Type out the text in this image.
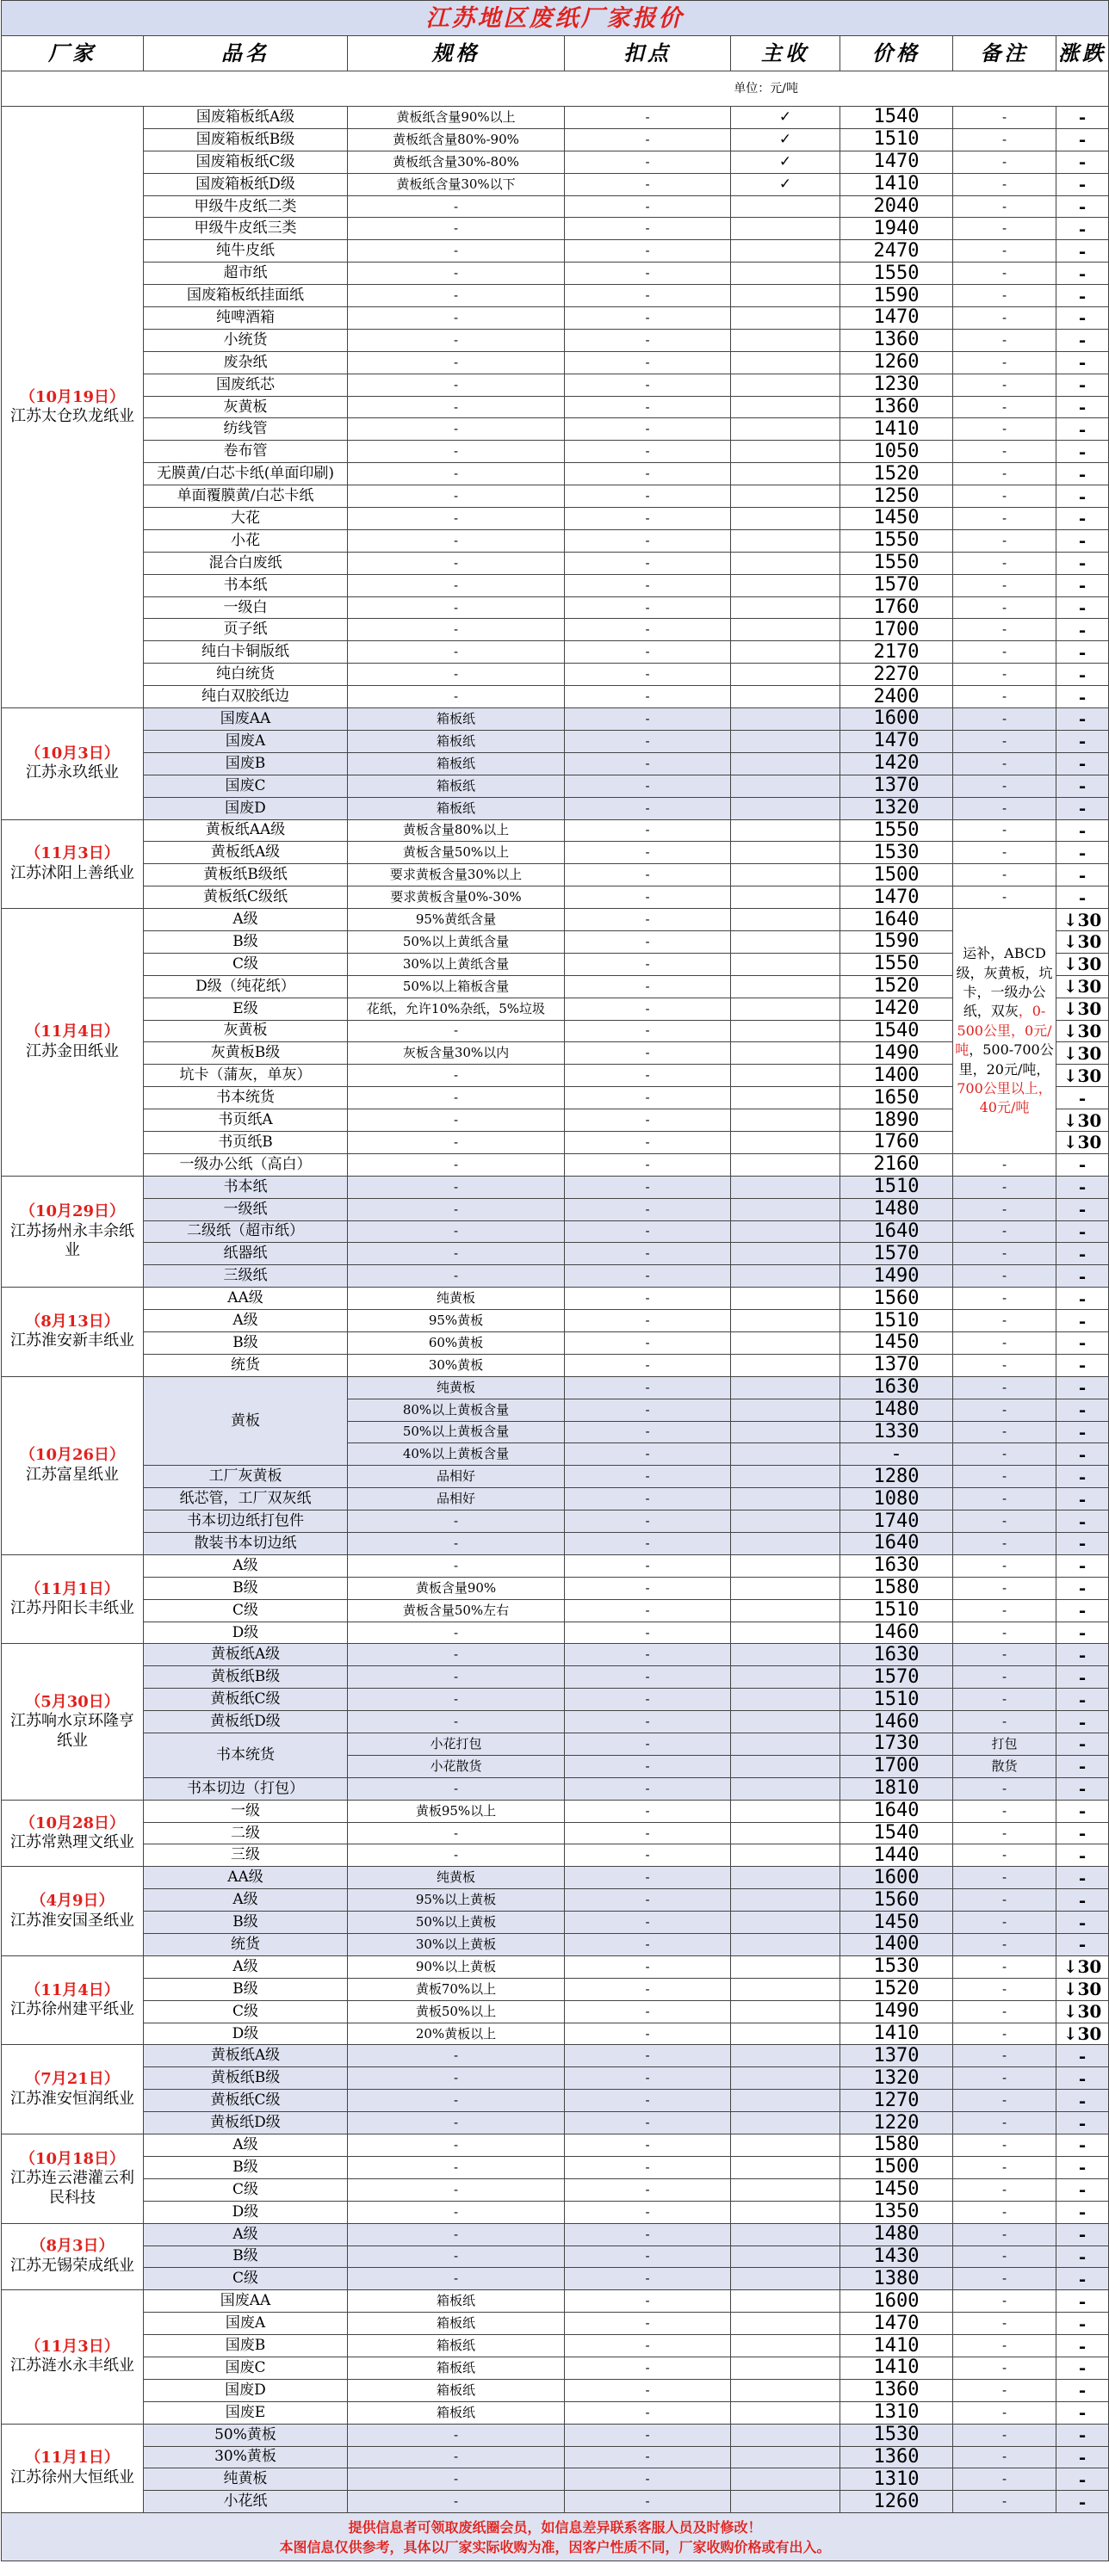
江苏地区废纸厂家报价							
厂家	品名	规格	扣点	主收	价格	备注	涨跌
单位：元/吨							

（10月19日）
江苏太仓玖龙纸业	国废箱板纸A级	黄板纸含量90%以上	-	✓	1540	-	-
	国废箱板纸B级	黄板纸含量80%-90%	-	✓	1510	-	-
	国废箱板纸C级	黄板纸含量30%-80%	-	✓	1470	-	-
	国废箱板纸D级	黄板纸含量30%以下	-	✓	1410	-	-
	甲级牛皮纸二类	-	-		2040	-	-
	甲级牛皮纸三类	-	-		1940	-	-
	纯牛皮纸	-	-		2470	-	-
	超市纸	-	-		1550	-	-
	国废箱板纸挂面纸	-	-		1590	-	-
	纯啤酒箱	-	-		1470	-	-
	小统货	-	-		1360	-	-
	废杂纸	-	-		1260	-	-
	国废纸芯	-	-		1230	-	-
	灰黄板	-	-		1360	-	-
	纺线管	-	-		1410	-	-
	卷布管	-	-		1050	-	-
	无膜黄/白芯卡纸(单面印刷)	-	-		1520	-	-
	单面覆膜黄/白芯卡纸	-	-		1250	-	-
	大花	-	-		1450	-	-
	小花	-	-		1550	-	-
	混合白废纸	-	-		1550	-	-
	书本纸	-	-		1570	-	-
	一级白	-	-		1760	-	-
	页子纸	-	-		1700	-	-
	纯白卡铜版纸	-	-		2170	-	-
	纯白统货	-	-		2270	-	-
	纯白双胶纸边	-	-		2400	-	-

（10月3日）
江苏永玖纸业	国废AA	箱板纸	-		1600	-	-
	国废A	箱板纸	-		1470	-	-
	国废B	箱板纸	-		1420	-	-
	国废C	箱板纸	-		1370	-	-
	国废D	箱板纸	-		1320	-	-

（11月3日）
江苏沭阳上善纸业	黄板纸AA级	黄板含量80%以上	-		1550	-	-
	黄板纸A级	黄板含量50%以上	-		1530	-	-
	黄板纸B级纸	要求黄板含量30%以上	-		1500	-	-
	黄板纸C级纸	要求黄板含量0%-30%	-		1470	-	-

（11月4日）
江苏金田纸业	A级	95%黄纸含量	-		1640	运补，ABCD级，灰黄板，坑卡，一级办公纸，双灰，0-500公里，0元/吨，500-700公里，20元/吨，700公里以上， 40元/吨	↓30
	B级	50%以上黄纸含量	-		1590		↓30
	C级	30%以上黄纸含量	-		1550		↓30
	D级（纯花纸）	50%以上箱板含量	-		1520		↓30
	E级	花纸，允许10%杂纸，5%垃圾	-		1420		↓30
	灰黄板	-	-		1540		↓30
	灰黄板B级	灰板含量30%以内	-		1490		↓30
	坑卡（蒲灰，单灰）	-	-		1400		↓30
	书本统货	-	-		1650		-
	书页纸A	-	-		1890		↓30
	书页纸B	-	-		1760		↓30
	一级办公纸（高白）	-	-		2160	-	-

（10月29日）
江苏扬州永丰余纸业	书本纸	-	-		1510	-	-
	一级纸	-	-		1480	-	-
	二级纸（超市纸）	-	-		1640	-	-
	纸器纸	-	-		1570	-	-
	三级纸	-	-		1490	-	-

（8月13日）
江苏淮安新丰纸业	AA级	纯黄板	-		1560	-	-
	A级	95%黄板	-		1510	-	-
	B级	60%黄板	-		1450	-	-
	统货	30%黄板	-		1370	-	-

（10月26日）
江苏富星纸业	黄板	纯黄板	-		1630	-	-
		80%以上黄板含量	-		1480	-	-
		50%以上黄板含量	-		1330	-	-
		40%以上黄板含量	-		-	-	-
	工厂灰黄板	品相好	-		1280	-	-
	纸芯管，工厂双灰纸	品相好	-		1080	-	-
	书本切边纸打包件	-	-		1740	-	-
	散装书本切边纸	-	-		1640	-	-

（11月1日）
江苏丹阳长丰纸业	A级	-	-		1630	-	-
	B级	黄板含量90%	-		1580	-	-
	C级	黄板含量50%左右	-		1510	-	-
	D级	-	-		1460	-	-

（5月30日）
江苏响水京环隆亨纸业	黄板纸A级	-	-		1630	-	-
	黄板纸B级	-	-		1570	-	-
	黄板纸C级	-	-		1510	-	-
	黄板纸D级	-	-		1460	-	-
	书本统货	小花打包	-		1730	打包	-
		小花散货	-		1700	散货	-
	书本切边（打包）	-	-		1810	-	-

（10月28日）
江苏常熟理文纸业	一级	黄板95%以上	-		1640	-	-
	二级	-	-		1540	-	-
	三级	-	-		1440	-	-

（4月9日）
江苏淮安国圣纸业	AA级	纯黄板	-		1600	-	-
	A级	95%以上黄板	-		1560	-	-
	B级	50%以上黄板	-		1450	-	-
	统货	30%以上黄板	-		1400	-	-

（11月4日）
江苏徐州建平纸业	A级	90%以上黄板	-		1530	-	↓30
	B级	黄板70%以上	-		1520	-	↓30
	C级	黄板50%以上	-		1490	-	↓30
	D级	20%黄板以上	-		1410	-	↓30

（7月21日）
江苏淮安恒润纸业	黄板纸A级	-	-		1370	-	-
	黄板纸B级	-	-		1320	-	-
	黄板纸C级	-	-		1270	-	-
	黄板纸D级	-	-		1220	-	-

（10月18日）
江苏连云港灌云利民科技	A级	-	-		1580	-	-
	B级	-	-		1500	-	-
	C级	-	-		1450	-	-
	D级	-	-		1350	-	-

（8月3日）
江苏无锡荣成纸业	A级	-	-		1480	-	-
	B级	-	-		1430	-	-
	C级	-	-		1380	-	-

（11月3日）
江苏涟水永丰纸业	国废AA	箱板纸	-		1600	-	-
	国废A	箱板纸	-		1470	-	-
	国废B	箱板纸	-		1410	-	-
	国废C	箱板纸	-		1410	-	-
	国废D	箱板纸	-		1360	-	-
	国废E	箱板纸	-		1310	-	-

（11月1日）
江苏徐州大恒纸业	50%黄板	-	-		1530	-	-
	30%黄板	-	-		1360	-	-
	纯黄板	-	-		1310	-	-
	小花纸	-	-		1260	-	-

提供信息者可领取废纸圈会员，如信息差异联系客服人员及时修改！
本图信息仅供参考，具体以厂家实际收购为准，因客户性质不同，厂家收购价格或有出入。							
